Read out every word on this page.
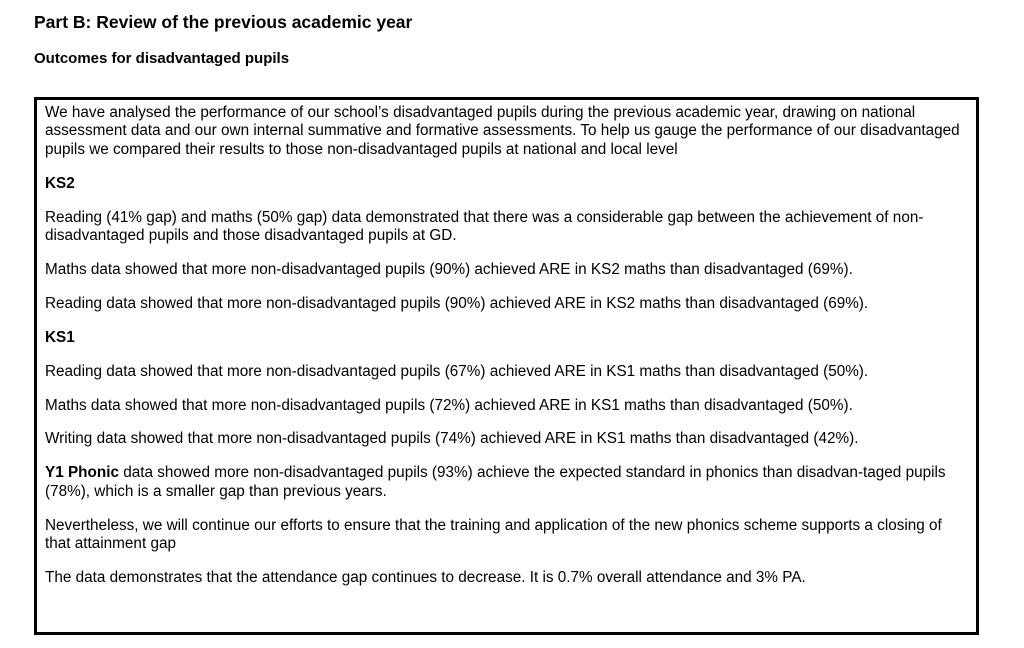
Part B: Review of the previous academic year
Outcomes for disadvantaged pupils

We have analysed the performance of our school’s disadvantaged pupils during the previous academic year, drawing on national assessment data and our own internal summative and formative assessments. To help us gauge the performance of our disadvantaged pupils we compared their results to those non-disadvantaged pupils at national and local level

KS2

Reading (41% gap) and maths (50% gap) data demonstrated that there was a considerable gap between the achievement of non-disadvantaged pupils and those disadvantaged pupils at GD.

Maths data showed that more non-disadvantaged pupils (90%) achieved ARE in KS2 maths than disadvantaged (69%).

Reading data showed that more non-disadvantaged pupils (90%) achieved ARE in KS2 maths than disadvantaged (69%).

KS1

Reading data showed that more non-disadvantaged pupils (67%) achieved ARE in KS1 maths than disadvantaged (50%).

Maths data showed that more non-disadvantaged pupils (72%) achieved ARE in KS1 maths than disadvantaged (50%).

Writing data showed that more non-disadvantaged pupils (74%) achieved ARE in KS1 maths than disadvantaged (42%).

Y1 Phonic data showed more non-disadvantaged pupils (93%) achieve the expected standard in phonics than disadvan-taged pupils (78%), which is a smaller gap than previous years.

Nevertheless, we will continue our efforts to ensure that the training and application of the new phonics scheme supports a closing of that attainment gap

The data demonstrates that the attendance gap continues to decrease. It is 0.7% overall attendance and 3% PA.
